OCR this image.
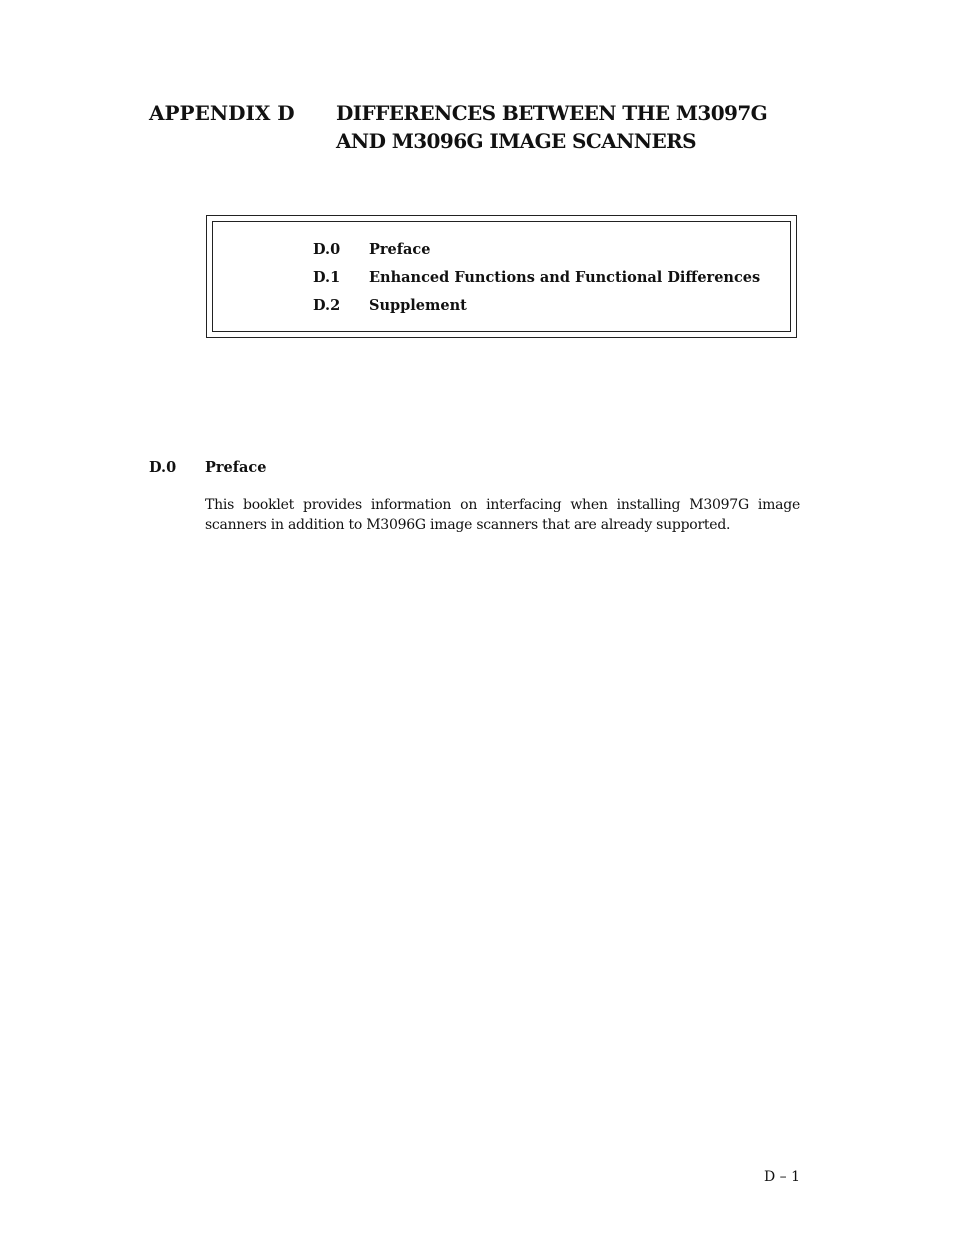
APPENDIX D DIFFERENCES BETWEEN THE M3097G
AND M3096G IMAGE SCANNERS
D.0 Preface
D.1 Enhanced Functions and Functional Differences
D.2 Supplement
D.0 Preface
This booklet provides information on interfacing when installing M3097G image scanners in addition to M3096G image scanners that are already supported.
D – 1
